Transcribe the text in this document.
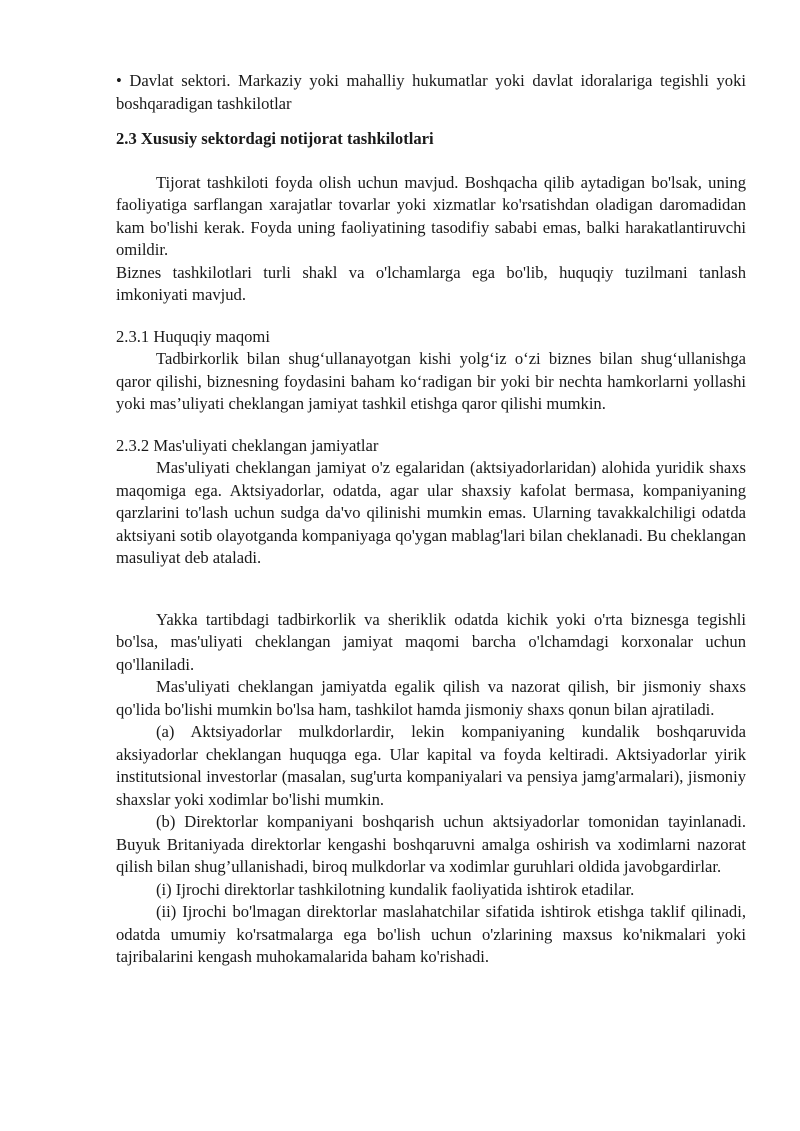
• Davlat sektori. Markaziy yoki mahalliy hukumatlar yoki davlat idoralariga tegishli yoki boshqaradigan tashkilotlar

2.3 Xususiy sektordagi notijorat tashkilotlari

Tijorat tashkiloti foyda olish uchun mavjud. Boshqacha qilib aytadigan bo'lsak, uning faoliyatiga sarflangan xarajatlar tovarlar yoki xizmatlar ko'rsatishdan oladigan daromadidan kam bo'lishi kerak. Foyda uning faoliyatining tasodifiy sababi emas, balki harakatlantiruvchi omildir.

Biznes tashkilotlari turli shakl va o'lchamlarga ega bo'lib, huquqiy tuzilmani tanlash imkoniyati mavjud.

2.3.1 Huquqiy maqomi

Tadbirkorlik bilan shug‘ullanayotgan kishi yolg‘iz o‘zi biznes bilan shug‘ullanishga qaror qilishi, biznesning foydasini baham ko‘radigan bir yoki bir nechta hamkorlarni yollashi yoki mas’uliyati cheklangan jamiyat tashkil etishga qaror qilishi mumkin.

2.3.2 Mas'uliyati cheklangan jamiyatlar

Mas'uliyati cheklangan jamiyat o'z egalaridan (aktsiyadorlaridan) alohida yuridik shaxs maqomiga ega. Aktsiyadorlar, odatda, agar ular shaxsiy kafolat bermasa, kompaniyaning qarzlarini to'lash uchun sudga da'vo qilinishi mumkin emas. Ularning tavakkalchiligi odatda aktsiyani sotib olayotganda kompaniyaga qo'ygan mablag'lari bilan cheklanadi. Bu cheklangan masuliyat deb ataladi.

Yakka tartibdagi tadbirkorlik va sheriklik odatda kichik yoki o'rta biznesga tegishli bo'lsa, mas'uliyati cheklangan jamiyat maqomi barcha o'lchamdagi korxonalar uchun qo'llaniladi.

Mas'uliyati cheklangan jamiyatda egalik qilish va nazorat qilish, bir jismoniy shaxs qo'lida bo'lishi mumkin bo'lsa ham, tashkilot hamda jismoniy shaxs qonun bilan ajratiladi.

(a) Aktsiyadorlar mulkdorlardir, lekin kompaniyaning kundalik boshqaruvida aksiyadorlar cheklangan huquqga ega. Ular kapital va foyda keltiradi. Aktsiyadorlar yirik institutsional investorlar (masalan, sug'urta kompaniyalari va pensiya jamg'armalari), jismoniy shaxslar yoki xodimlar bo'lishi mumkin.

(b) Direktorlar kompaniyani boshqarish uchun aktsiyadorlar tomonidan tayinlanadi. Buyuk Britaniyada direktorlar kengashi boshqaruvni amalga oshirish va xodimlarni nazorat qilish bilan shug’ullanishadi, biroq mulkdorlar va xodimlar guruhlari oldida javobgardirlar.

(i) Ijrochi direktorlar tashkilotning kundalik faoliyatida ishtirok etadilar.

(ii) Ijrochi bo'lmagan direktorlar maslahatchilar sifatida ishtirok etishga taklif qilinadi, odatda umumiy ko'rsatmalarga ega bo'lish uchun o'zlarining maxsus ko'nikmalari yoki tajribalarini kengash muhokamalarida baham ko'rishadi.
